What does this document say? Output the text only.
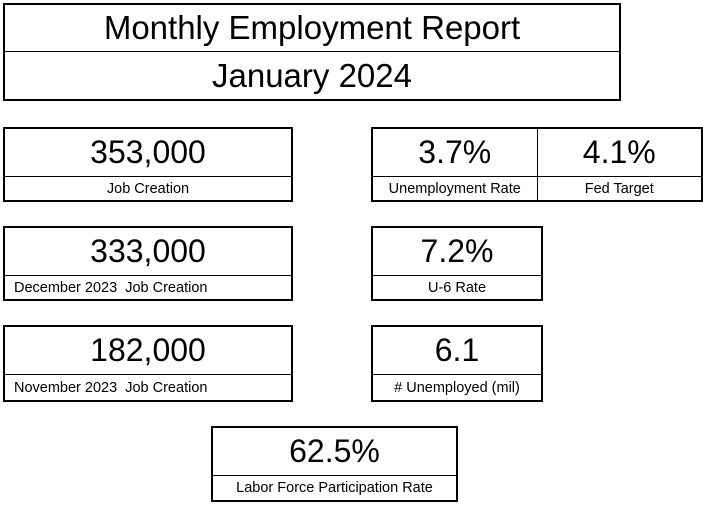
Monthly Employment Report
January 2024
353,000
Job Creation
3.7%
Unemployment Rate
4.1%
Fed Target
333,000
December 2023  Job Creation
7.2%
U-6 Rate
182,000
November 2023  Job Creation
6.1
# Unemployed (mil)
62.5%
Labor Force Participation Rate
